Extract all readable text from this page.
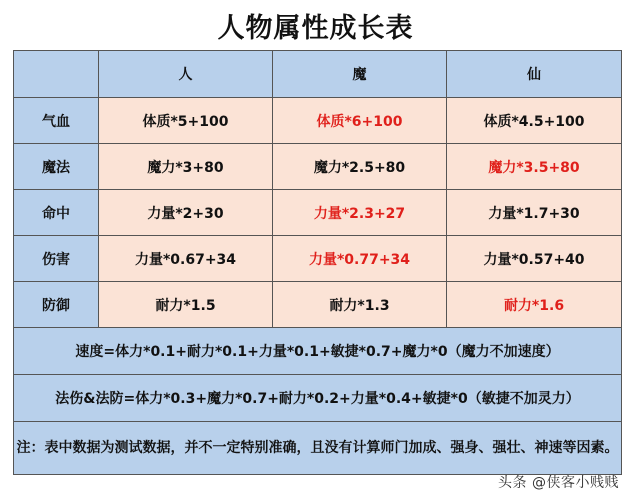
人物属性成长表
	人	魔	仙
气血	体质*5+100	体质*6+100	体质*4.5+100
魔法	魔力*3+80	魔力*2.5+80	魔力*3.5+80
命中	力量*2+30	力量*2.3+27	力量*1.7+30
伤害	力量*0.67+34	力量*0.77+34	力量*0.57+40
防御	耐力*1.5	耐力*1.3	耐力*1.6
速度=体力*0.1+耐力*0.1+力量*0.1+敏捷*0.7+魔力*0（魔力不加速度）			
法伤&法防=体力*0.3+魔力*0.7+耐力*0.2+力量*0.4+敏捷*0（敏捷不加灵力）			
注：表中数据为测试数据，并不一定特别准确，且没有计算师门加成、强身、强壮、神速等因素。			
头条 @侠客小贱贱
